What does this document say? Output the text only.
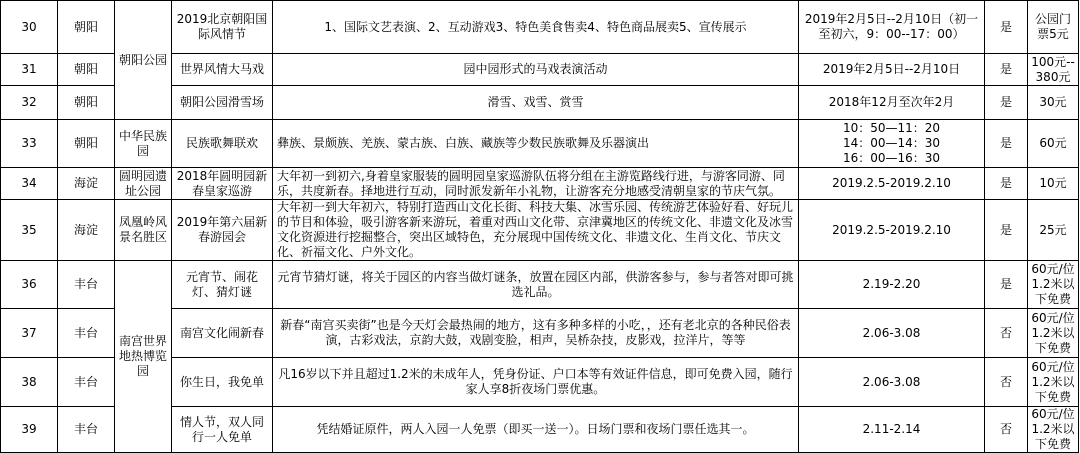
30	朝阳	朝阳公园	2019北京朝阳国际风情节	1、国际文艺表演、2、互动游戏3、特色美食售卖4、特色商品展卖5、宣传展示	2019年2月5日--2月10日（初一至初六，9：00--17：00）	是	公园门票5元
31	朝阳		世界风情大马戏	园中园形式的马戏表演活动	2019年2月5日--2月10日	是	100元--380元
32	朝阳		朝阳公园滑雪场	滑雪、戏雪、赏雪	2018年12月至次年2月	是	30元
33	朝阳	中华民族园	民族歌舞联欢	彝族、景颇族、羌族、蒙古族、白族、藏族等少数民族歌舞及乐器演出	10：50—11：20
14：00—14：30
16：00—16：30	是	60元
34	海淀	圆明园遗址公园	2018年圆明园新春皇家巡游	大年初一到初六,身着皇家服装的圆明园皇家巡游队伍将分组在主游览路线行进，与游客同游、同乐，共度新春。择地进行互动，同时派发新年小礼物，让游客充分地感受清朝皇家的节庆气氛。	2019.2.5-2019.2.10	是	10元
35	海淀	凤凰岭风景名胜区	2019年第六届新春游园会	大年初一到大年初六，特别打造西山文化长街、科技大集、冰雪乐园、传统游艺体验好看、好玩儿的节目和体验，吸引游客新来游玩，着重对西山文化带、京津冀地区的传统文化、非遗文化及冰雪文化资源进行挖掘整合，突出区域特色，充分展现中国传统文化、非遗文化、生肖文化、节庆文化、祈福文化、户外文化。	2019.2.5-2019.2.10	是	25元
36	丰台	南宫世界地热博览园	元宵节、闹花灯、猜灯谜	元宵节猜灯谜，将关于园区的内容当做灯谜条，放置在园区内部，供游客参与，参与者答对即可挑选礼品。	2.19-2.20	是	60元/位 1.2米以下免费
37	丰台		南宫文化闹新春	新春“南宫买卖街”也是今天灯会最热闹的地方，这有多种多样的小吃，，还有老北京的各种民俗表演，古彩戏法，京韵大鼓，戏剧变脸，相声，吴桥杂技，皮影戏，拉洋片，等等	2.06-3.08	否	60元/位 1.2米以下免费
38	丰台		你生日，我免单	凡16岁以下并且超过1.2米的未成年人，凭身份证、户口本等有效证件信息，即可免费入园，随行家人享8折夜场门票优惠。	2.06-3.08	否	60元/位 1.2米以下免费
39	丰台		情人节，双人同行一人免单	凭结婚证原件，两人入园一人免票（即买一送一）。日场门票和夜场门票任选其一。	2.11-2.14	否	60元/位 1.2米以下免费
